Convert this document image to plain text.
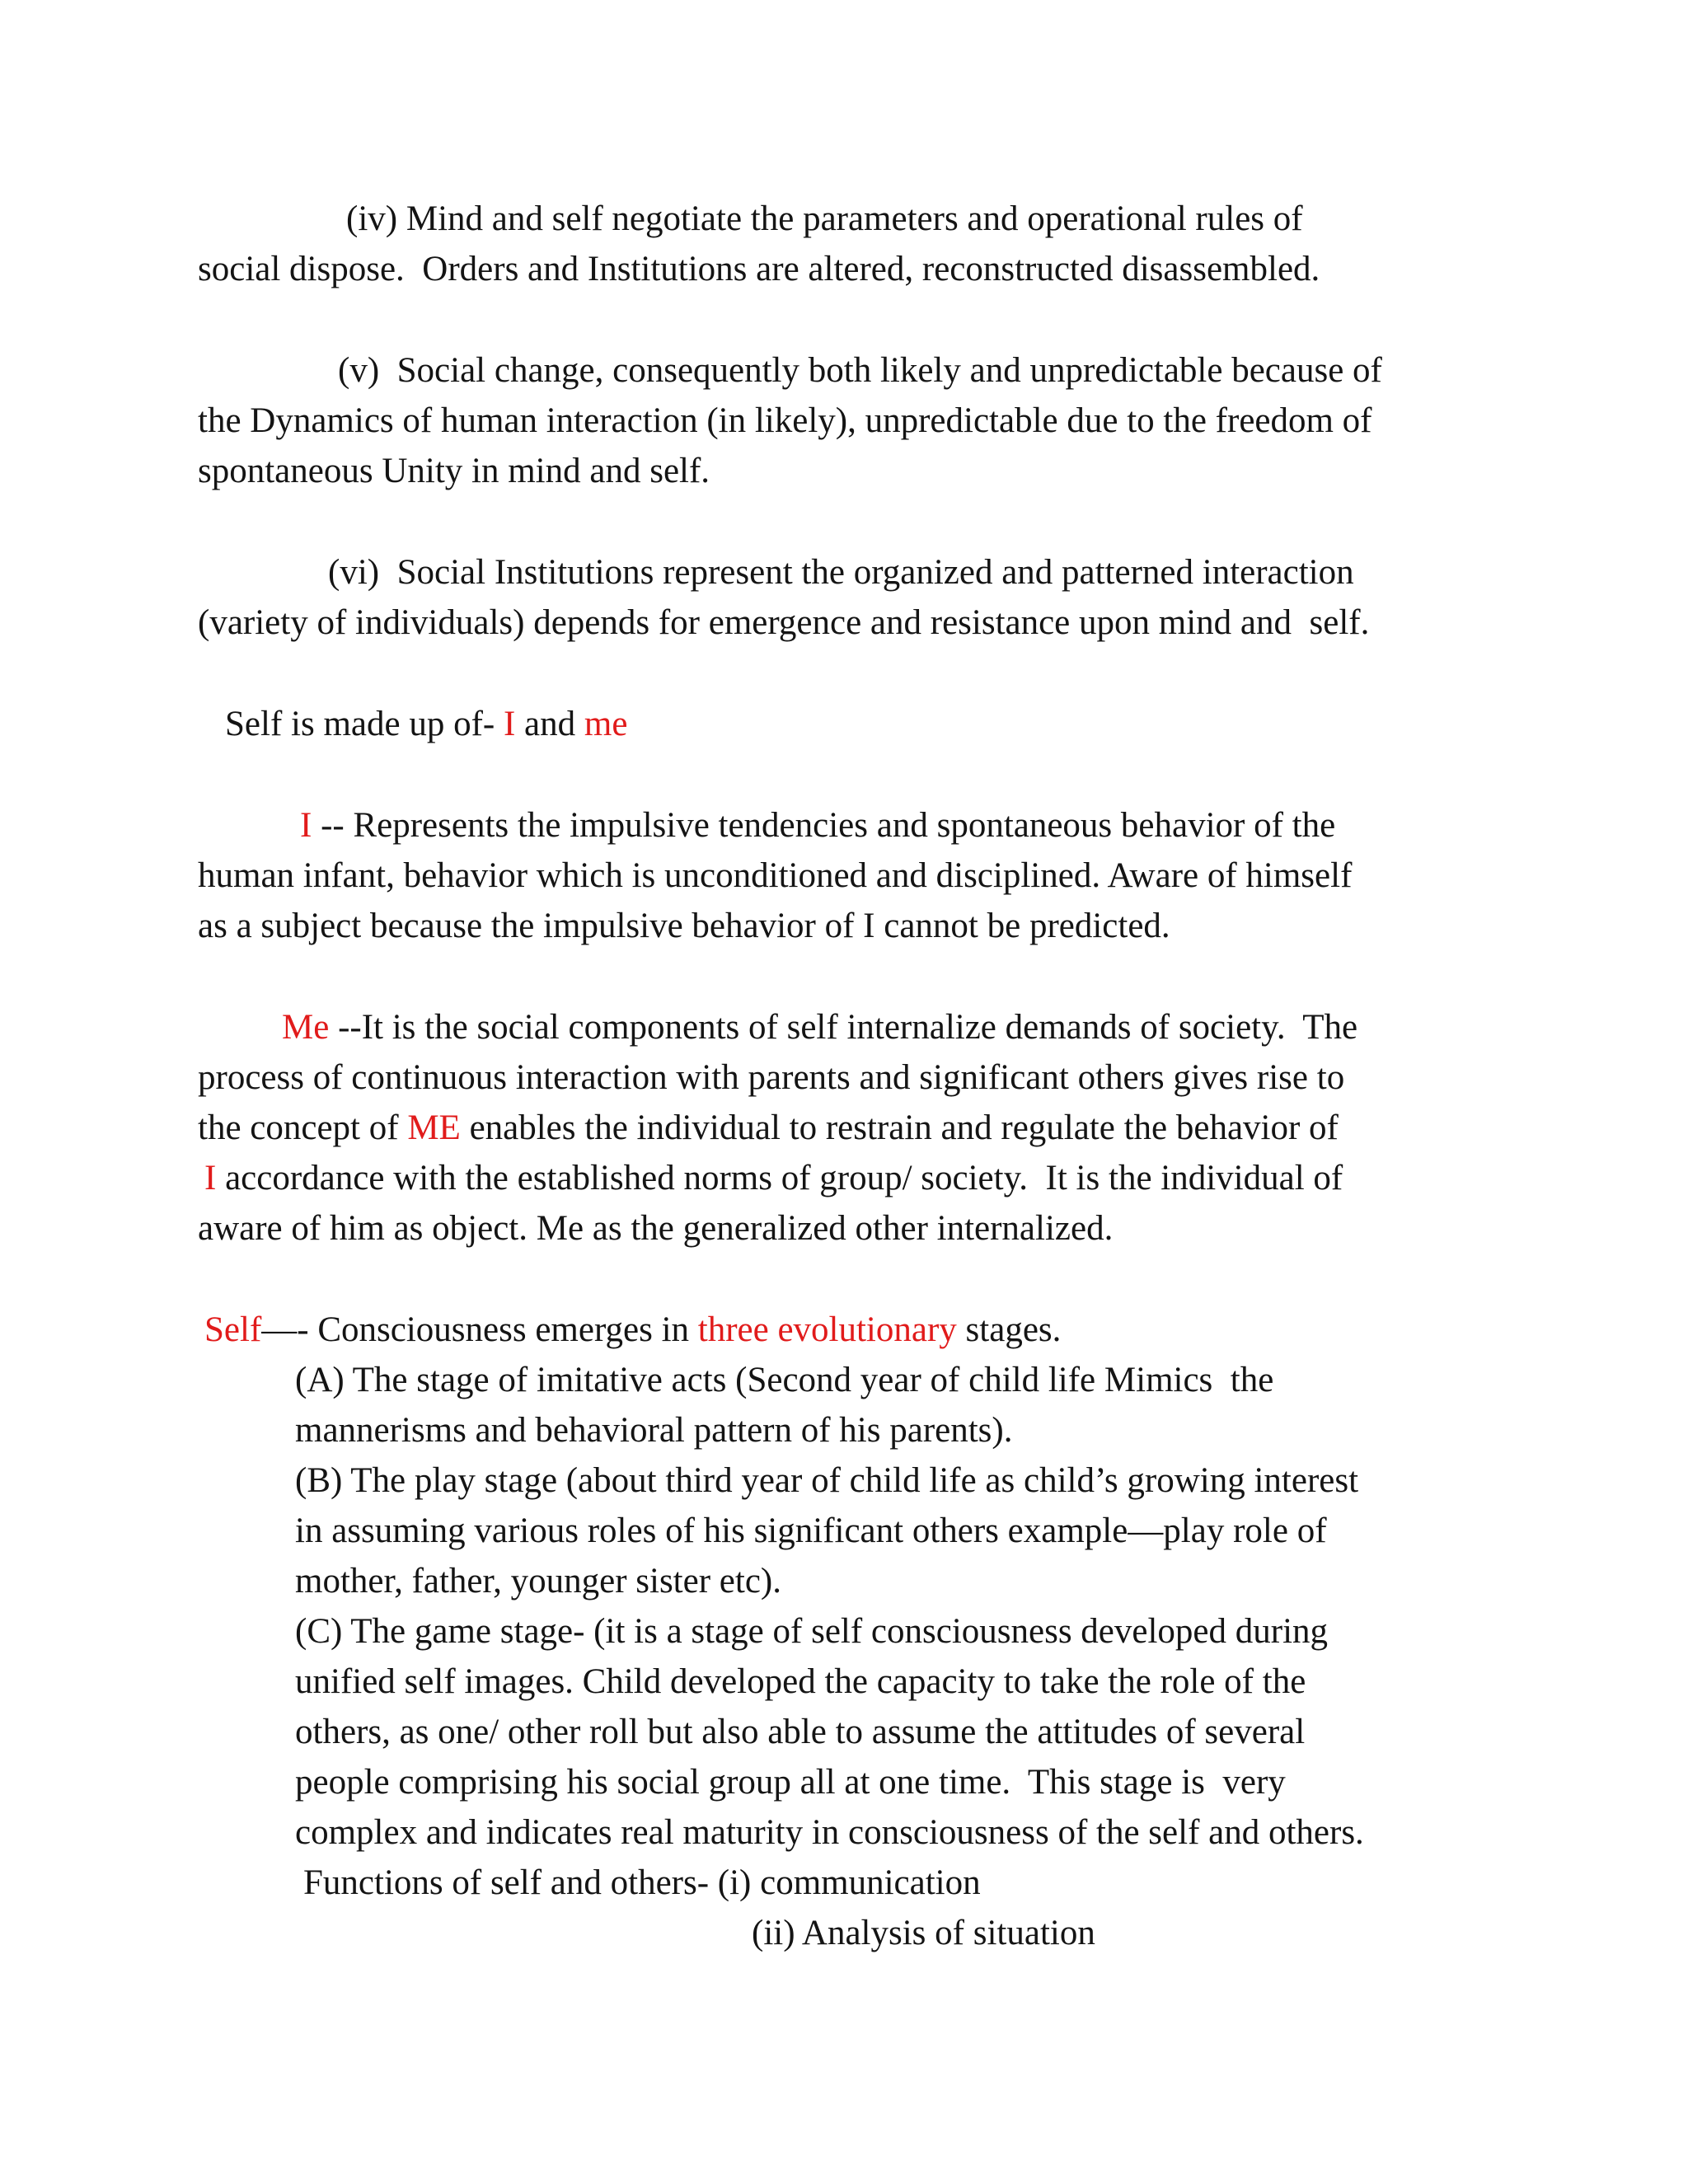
(iv) Mind and self negotiate the parameters and operational rules of
social dispose.  Orders and Institutions are altered, reconstructed disassembled.
(v)  Social change, consequently both likely and unpredictable because of
the Dynamics of human interaction (in likely), unpredictable due to the freedom of
spontaneous Unity in mind and self.
(vi)  Social Institutions represent the organized and patterned interaction
(variety of individuals) depends for emergence and resistance upon mind and  self.
Self is made up of- I and me
I -- Represents the impulsive tendencies and spontaneous behavior of the
human infant, behavior which is unconditioned and disciplined. Aware of himself
as a subject because the impulsive behavior of I cannot be predicted.
Me --It is the social components of self internalize demands of society.  The
process of continuous interaction with parents and significant others gives rise to
the concept of ME enables the individual to restrain and regulate the behavior of
I accordance with the established norms of group/ society.  It is the individual of
aware of him as object. Me as the generalized other internalized.
Self—- Consciousness emerges in three evolutionary stages.
(A) The stage of imitative acts (Second year of child life Mimics  the
mannerisms and behavioral pattern of his parents).
(B) The play stage (about third year of child life as child’s growing interest
in assuming various roles of his significant others example—play role of
mother, father, younger sister etc).
(C) The game stage- (it is a stage of self consciousness developed during
unified self images. Child developed the capacity to take the role of the
others, as one/ other roll but also able to assume the attitudes of several
people comprising his social group all at one time.  This stage is  very
complex and indicates real maturity in consciousness of the self and others.
Functions of self and others- (i) communication
(ii) Analysis of situation
